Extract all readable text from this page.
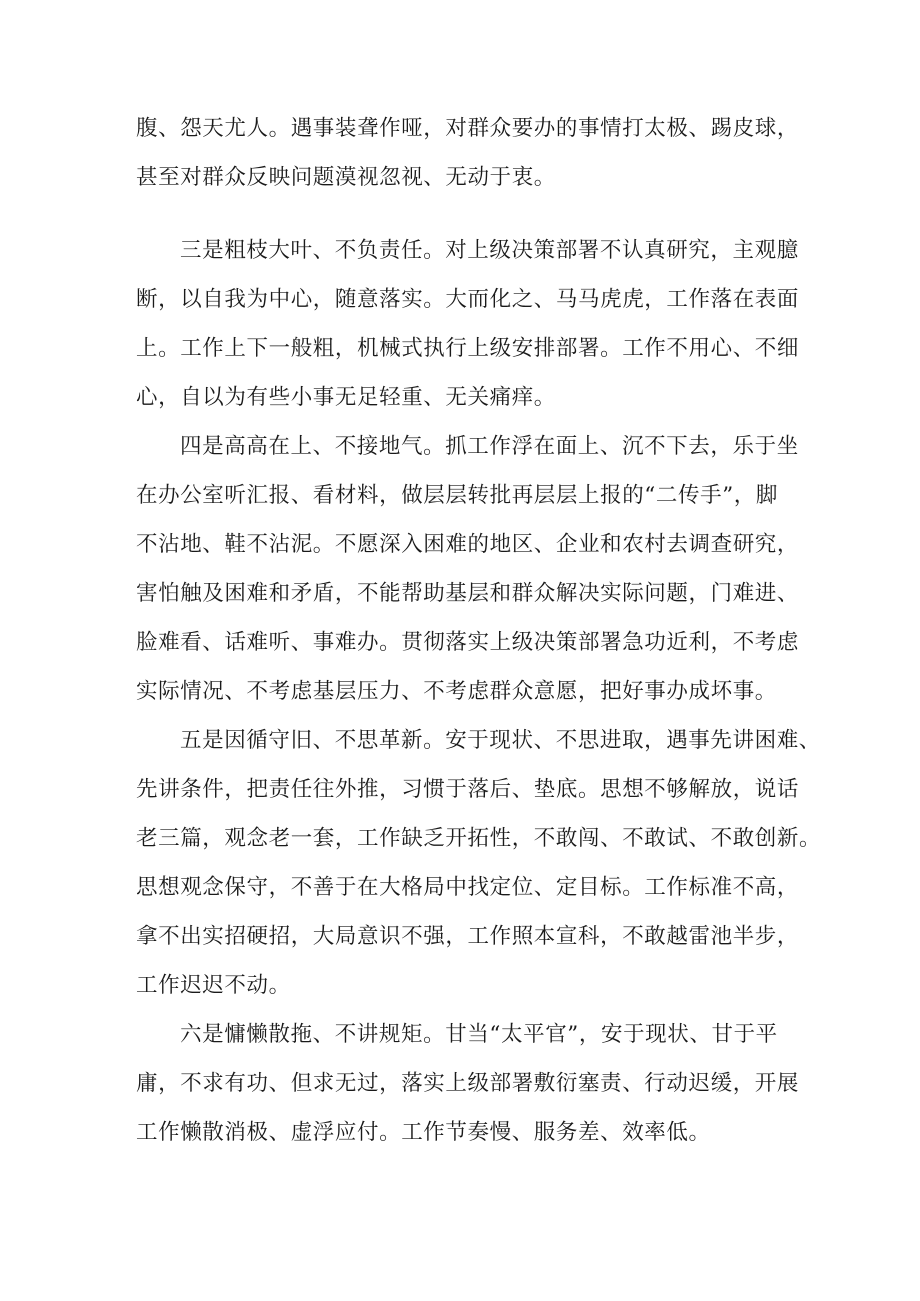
腹、怨天尤人。遇事装聋作哑，对群众要办的事情打太极、踢皮球，
甚至对群众反映问题漠视忽视、无动于衷。
三是粗枝大叶、不负责任。对上级决策部署不认真研究，主观臆
断，以自我为中心，随意落实。大而化之、马马虎虎，工作落在表面
上。工作上下一般粗，机械式执行上级安排部署。工作不用心、不细
心，自以为有些小事无足轻重、无关痛痒。
四是高高在上、不接地气。抓工作浮在面上、沉不下去，乐于坐
在办公室听汇报、看材料，做层层转批再层层上报的“二传手”，脚
不沾地、鞋不沾泥。不愿深入困难的地区、企业和农村去调查研究，
害怕触及困难和矛盾，不能帮助基层和群众解决实际问题，门难进、
脸难看、话难听、事难办。贯彻落实上级决策部署急功近利，不考虑
实际情况、不考虑基层压力、不考虑群众意愿，把好事办成坏事。
五是因循守旧、不思革新。安于现状、不思进取，遇事先讲困难、
先讲条件，把责任往外推，习惯于落后、垫底。思想不够解放，说话
老三篇，观念老一套，工作缺乏开拓性，不敢闯、不敢试、不敢创新。
思想观念保守，不善于在大格局中找定位、定目标。工作标准不高，
拿不出实招硬招，大局意识不强，工作照本宣科，不敢越雷池半步，
工作迟迟不动。
六是慵懒散拖、不讲规矩。甘当“太平官”，安于现状、甘于平
庸，不求有功、但求无过，落实上级部署敷衍塞责、行动迟缓，开展
工作懒散消极、虚浮应付。工作节奏慢、服务差、效率低。
